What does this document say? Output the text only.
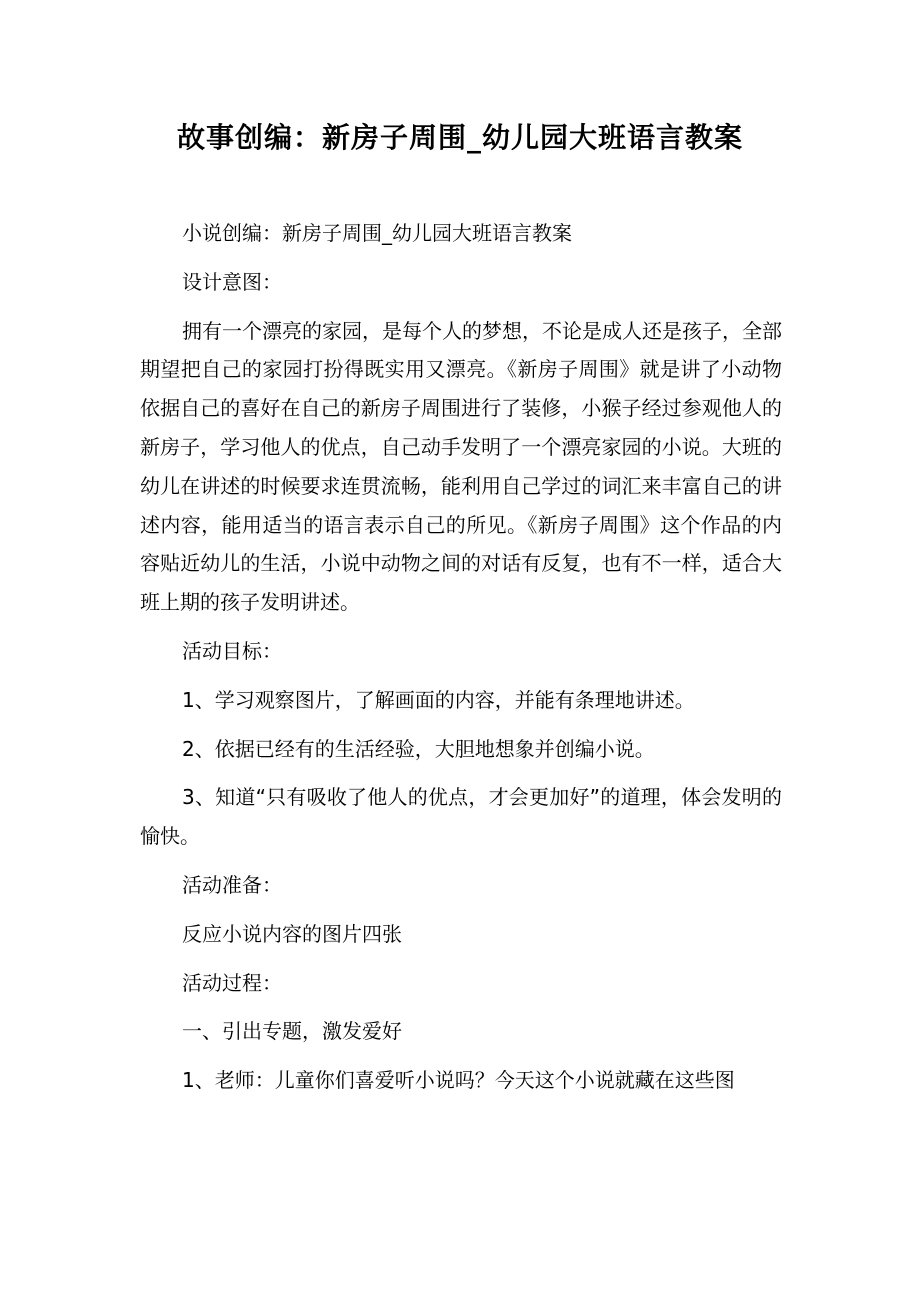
故事创编：新房子周围_幼儿园大班语言教案

小说创编：新房子周围_幼儿园大班语言教案

设计意图：

拥有一个漂亮的家园，是每个人的梦想，不论是成人还是孩子，全部期望把自己的家园打扮得既实用又漂亮。《新房子周围》就是讲了小动物依据自己的喜好在自己的新房子周围进行了装修，小猴子经过参观他人的新房子，学习他人的优点，自己动手发明了一个漂亮家园的小说。大班的幼儿在讲述的时候要求连贯流畅，能利用自己学过的词汇来丰富自己的讲述内容，能用适当的语言表示自己的所见。《新房子周围》这个作品的内容贴近幼儿的生活，小说中动物之间的对话有反复，也有不一样，适合大班上期的孩子发明讲述。

活动目标：

1、学习观察图片，了解画面的内容，并能有条理地讲述。

2、依据已经有的生活经验，大胆地想象并创编小说。

3、知道“只有吸收了他人的优点，才会更加好”的道理，体会发明的愉快。

活动准备：

反应小说内容的图片四张

活动过程：

一、引出专题，激发爱好

1、老师：儿童你们喜爱听小说吗？今天这个小说就藏在这些图
